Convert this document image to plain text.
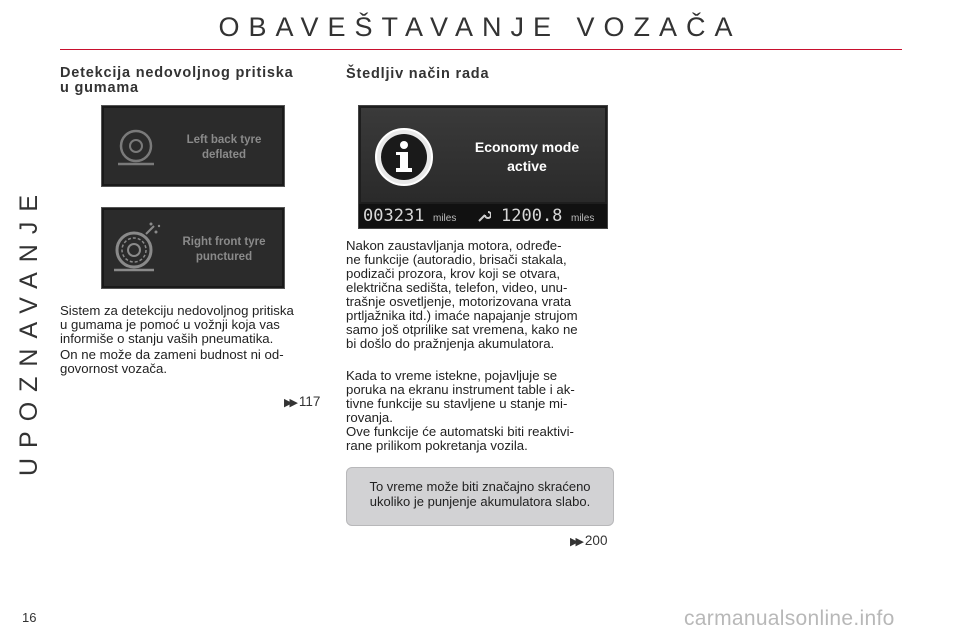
OBAVEŠTAVANJE VOZAČA
UPOZNAVANJE
16
Detekcija nedovoljnog pritiska
u gumama
Left back tyre
deflated
Right front tyre
punctured
Sistem za detekciju nedovoljnog pritiska
u gumama je pomoć u vožnji koja vas
informiše o stanju vaših pneumatika.
On ne može da zameni budnost ni od-
govornost vozača.
▶▶ 117
Štedljiv način rada
Economy mode
active
003231 miles	1200.8 miles
Nakon zaustavljanja motora, određe-
ne funkcije (autoradio, brisači stakala,
podizači prozora, krov koji se otvara,
električna sedišta, telefon, video, unu-
trašnje osvetljenje, motorizovana vrata
prtljažnika itd.) imaće napajanje strujom
samo još otprilike sat vremena, kako ne
bi došlo do pražnjenja akumulatora.
Kada to vreme istekne, pojavljuje se
poruka na ekranu instrument table i ak-
tivne funkcije su stavljene u stanje mi-
rovanja.
Ove funkcije će automatski biti reaktivi-
rane prilikom pokretanja vozila.

To vreme može biti značajno skraćeno
ukoliko je punjenje akumulatora slabo.

▶▶ 200
carmanualsonline.info
